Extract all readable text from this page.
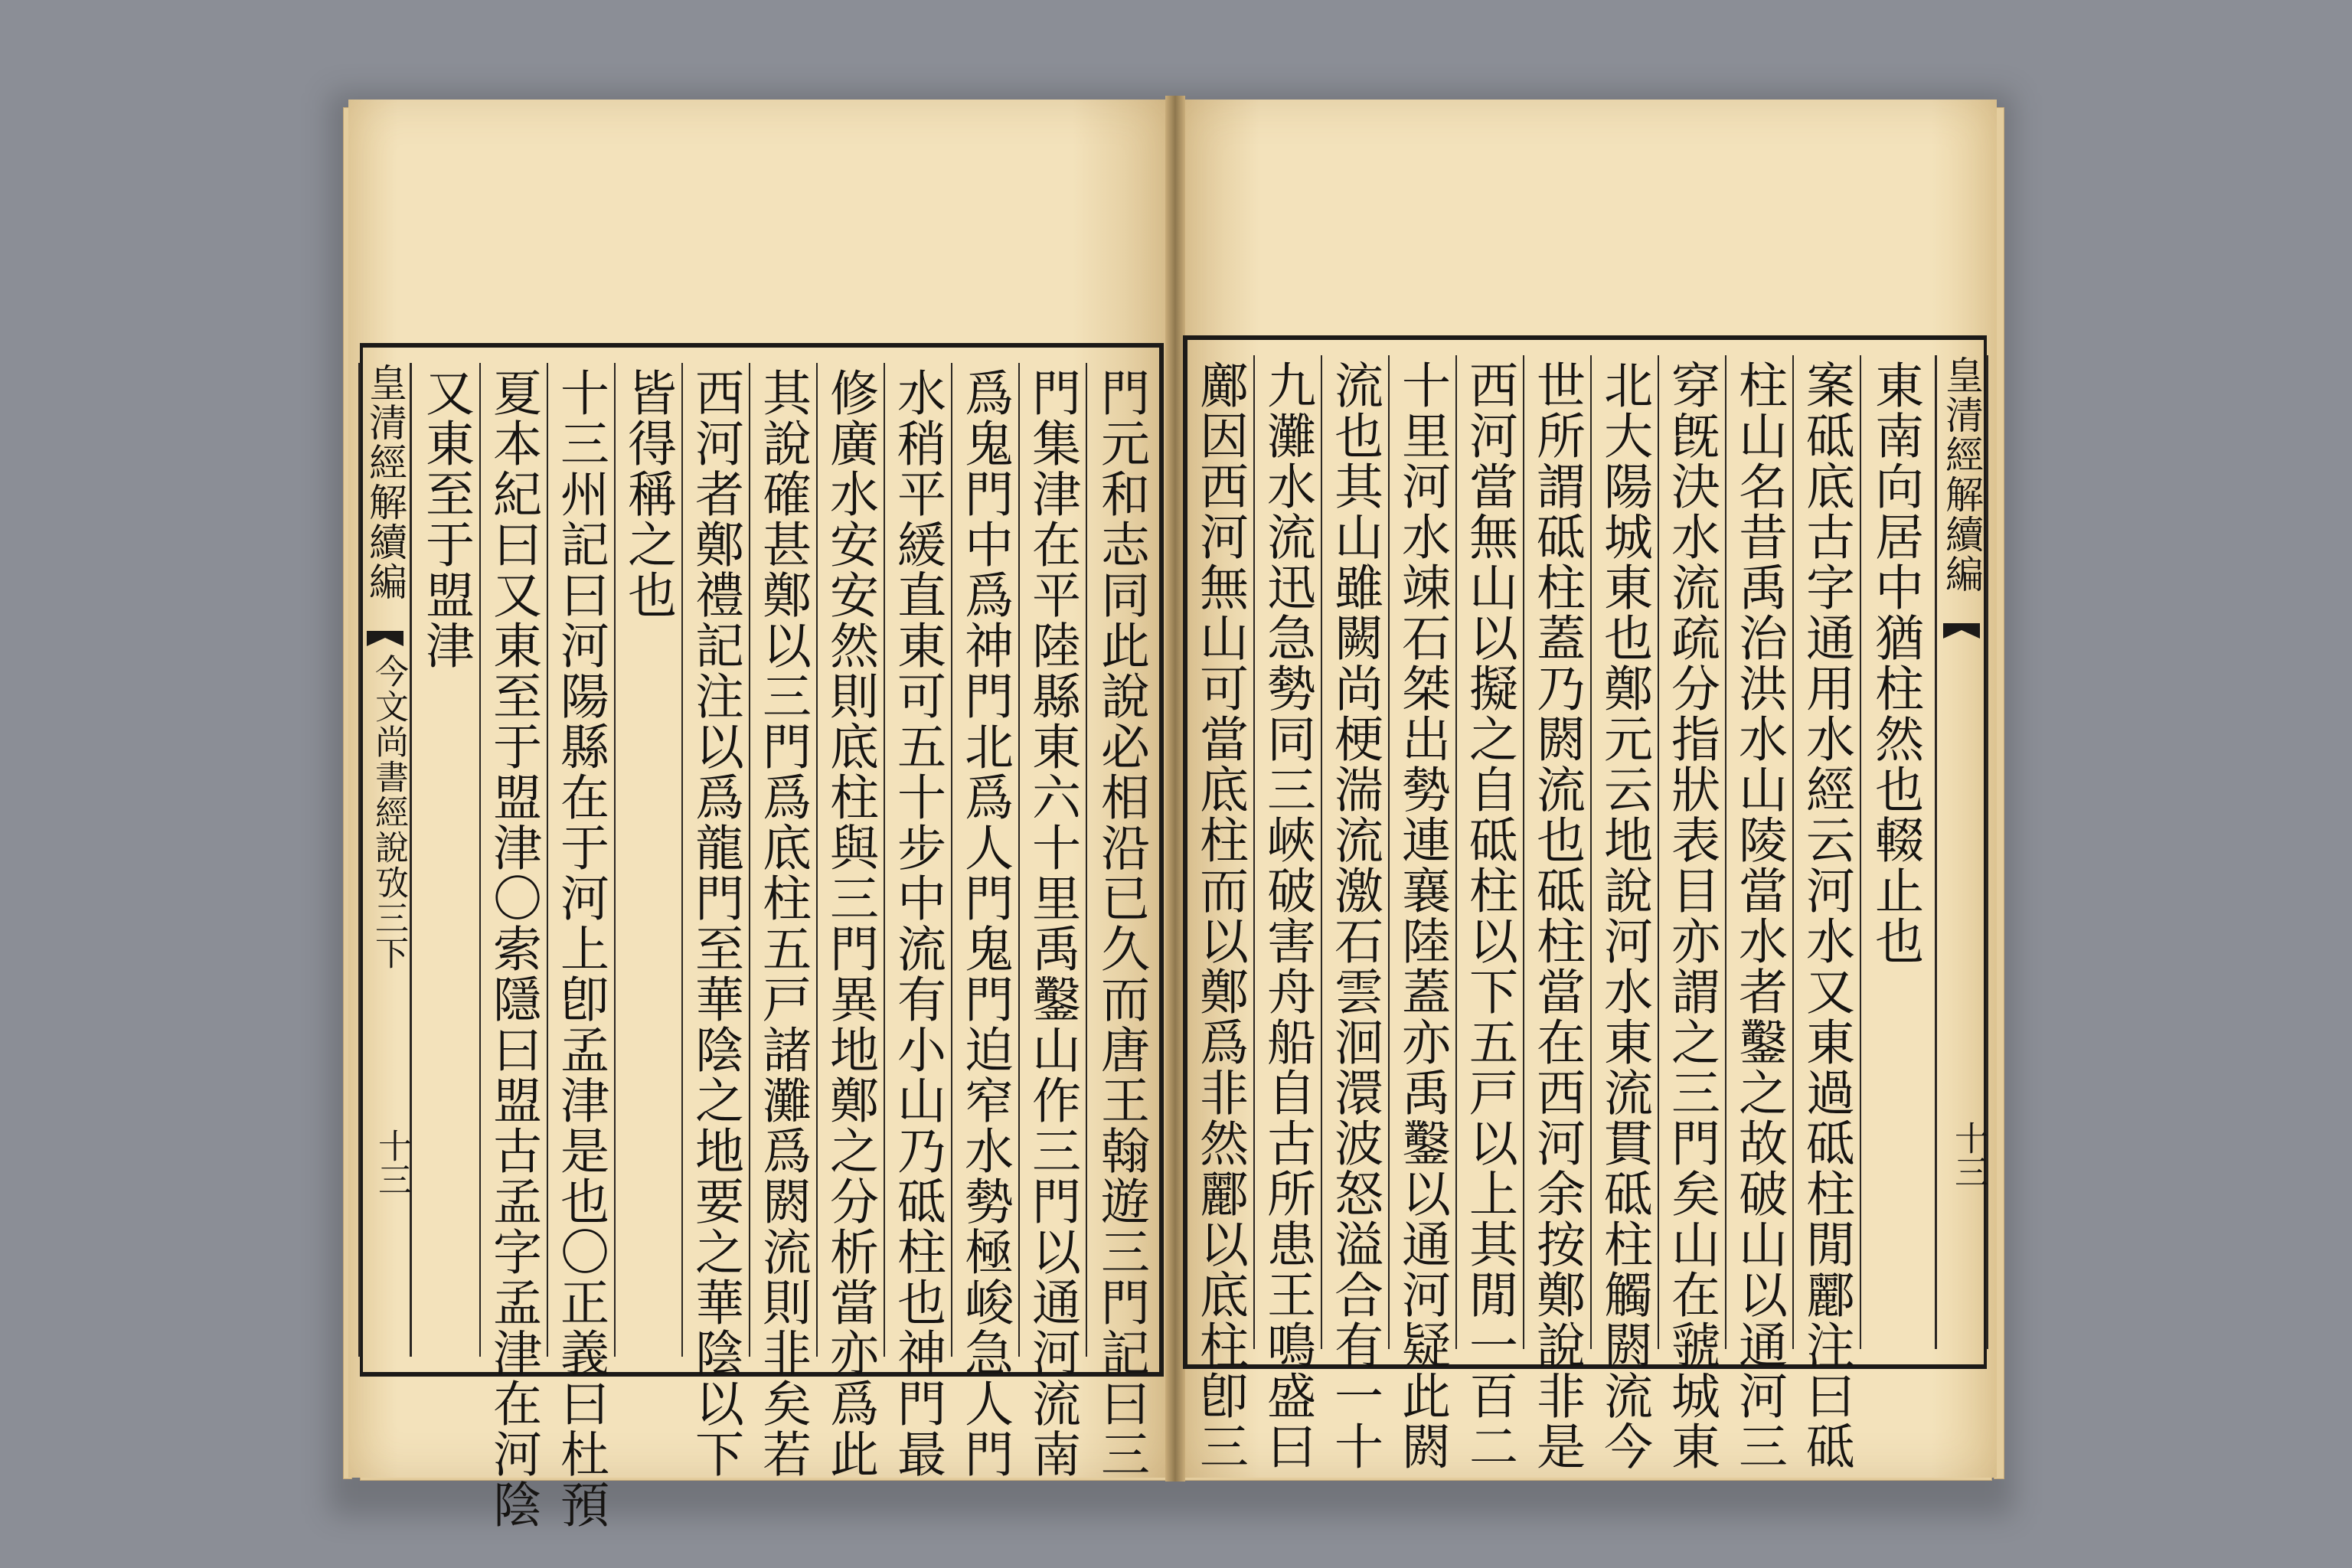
皇清經解續編
今文尚書經說攷三下
十三
又東至于盟津 夏本紀曰又東至于盟津〇索隱曰盟古孟字孟津在河陰 十三州記曰河陽縣在于河上卽孟津是也〇正義曰杜預 皆得稱之也 西河者鄭禮記注以爲龍門至華陰之地要之華陰以下 其說確甚鄭以三門爲底柱五戸諸灘爲閼流則非矣若 修廣水安安然則底柱與三門異地鄭之分析當亦爲此 水稍平緩直東可五十步中流有小山乃砥柱也神門最 爲鬼門中爲神門北爲人門鬼門迫窄水勢極峻急人門 門集津在平陸縣東六十里禹鑿山作三門以通河流南 門元和志同此說必相沿已久而唐王翰遊三門記曰三 鄺因西河無山可當底柱而以鄭爲非然酈以底柱卽三 九灘水流迅急勢同三峽破害舟船自古所患王鳴盛曰 流也其山雖闕尚梗湍流激石雲洄澴波怒溢合有一十 十里河水竦石桀出勢連襄陸蓋亦禹鑿以通河疑此閼 西河當無山以擬之自砥柱以下五戸以上其閒一百二 世所謂砥柱蓋乃閼流也砥柱當在西河余按鄭說非是 北大陽城東也鄭元云地說河水東流貫砥柱觸閼流今 穿旣決水流疏分指狀表目亦謂之三門矣山在虢城東 柱山名昔禹治洪水山陵當水者鑿之故破山以通河三 案砥底古字通用水經云河水又東過砥柱閒酈注曰砥 東南向居中猶柱然也輟止也 皇清經解續編
十三
